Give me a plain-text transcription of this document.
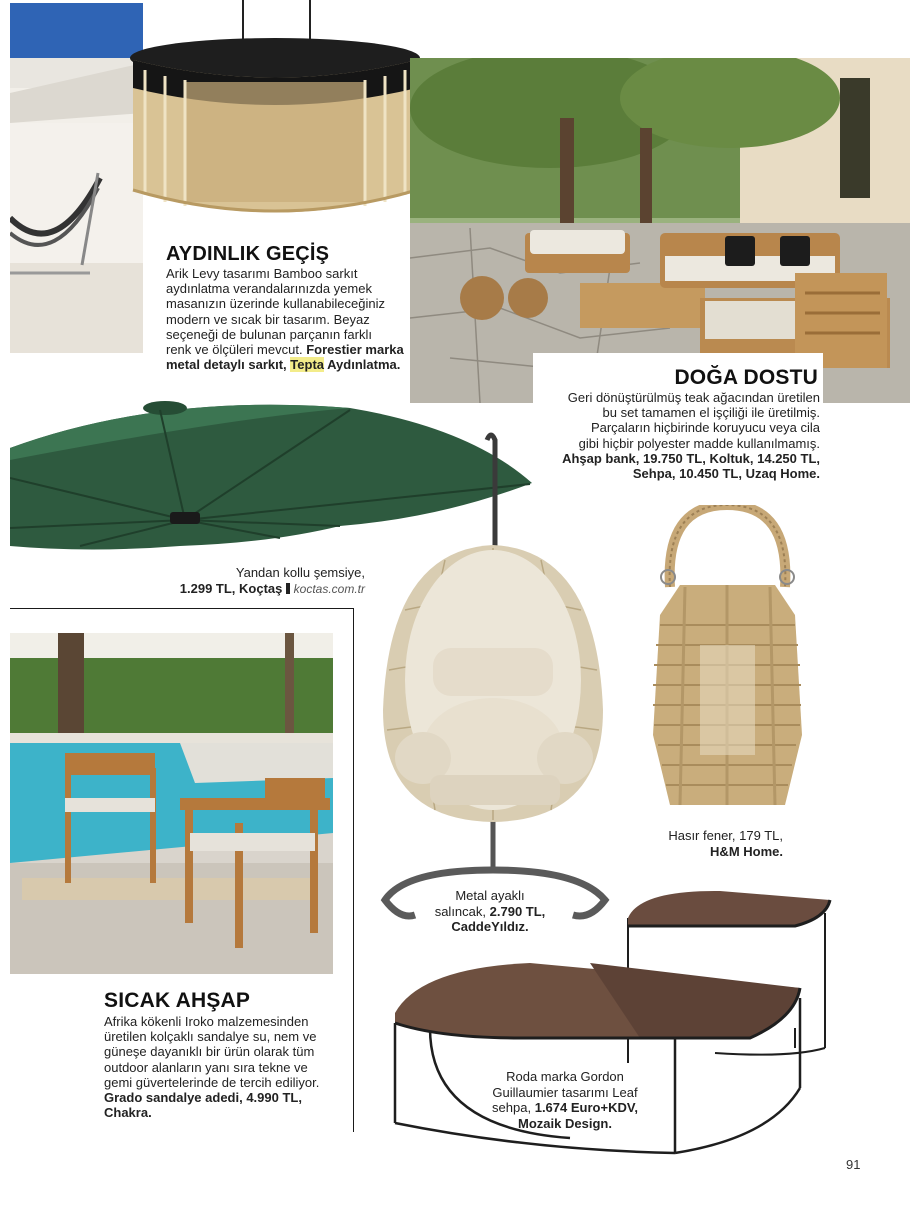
AYDINLIK GEÇİŞ
Arik Levy tasarımı Bamboo sarkıt
aydınlatma verandalarınızda yemek
masanızın üzerinde kullanabileceğiniz
modern ve sıcak bir tasarım. Beyaz
seçeneği de bulunan parçanın farklı
renk ve ölçüleri mevcut. Forestier marka
metal detaylı sarkıt, Tepta Aydınlatma.
DOĞA DOSTU
Geri dönüştürülmüş teak ağacından üretilen
bu set tamamen el işçiliği ile üretilmiş.
Parçaların hiçbirinde koruyucu veya cila
gibi hiçbir polyester madde kullanılmamış.
Ahşap bank, 19.750 TL, Koltuk, 14.250 TL,
Sehpa, 10.450 TL, Uzaq Home.
Yandan kollu şemsiye,
1.299 TL, Koçtaş koctas.com.tr
SICAK AHŞAP
Afrika kökenli Iroko malzemesinden
üretilen kolçaklı sandalye su, nem ve
güneşe dayanıklı bir ürün olarak tüm
outdoor alanların yanı sıra tekne ve
gemi güvertelerinde de tercih ediliyor.
Grado sandalye adedi, 4.990 TL,
Chakra.
Metal ayaklı
salıncak, 2.790 TL,
CaddeYıldız.
Hasır fener, 179 TL,
H&M Home.
Roda marka Gordon
Guillaumier tasarımı Leaf
sehpa, 1.674 Euro+KDV,
Mozaik Design.
91
